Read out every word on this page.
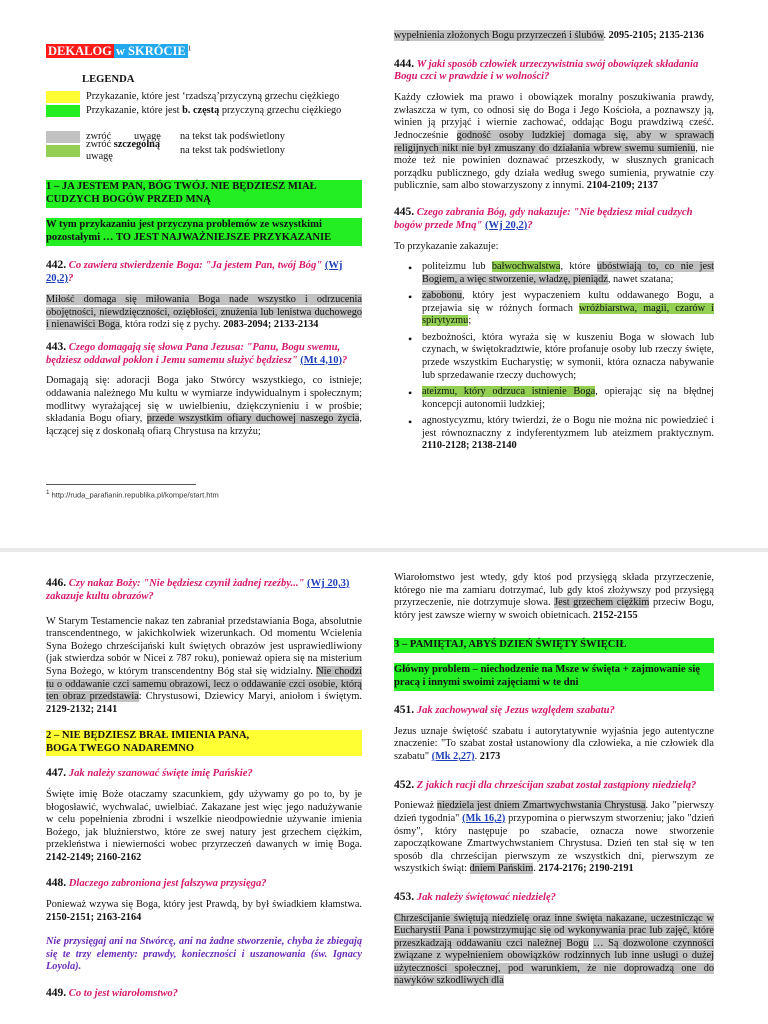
DEKALOG w SKRÓCIE $^1$
LEGENDA
Przykazanie, które jest ‘rzadszą’przyczyną grzechu ciężkiego
Przykazanie, które jest b. częstą przyczyną grzechu ciężkiego
zwróć	uwagę	na tekst tak podświetlony
zwróć szczególną uwagę
na tekst tak podświetlony
1 – JA JESTEM PAN, BÓG TWÓJ. NIE BĘDZIESZ MIAŁ CUDZYCH BOGÓW PRZED MNĄ
W tym przykazaniu jest przyczyna problemów ze wszystkimi pozostałymi … TO JEST NAJWAŻNIEJSZE PRZYKAZANIE
442. Co zawiera stwierdzenie Boga: "Ja jestem Pan, twój Bóg" (Wj 20,2)?
Miłość domaga się miłowania Boga nade wszystko i odrzucenia obojętności, niewdzięczności, oziębłości, znużenia lub lenistwa duchowego i nienawiści Boga, która rodzi się z pychy. 2083-2094; 2133-2134
443. Czego domagają się słowa Pana Jezusa: "Panu, Bogu swemu, będziesz oddawał pokłon i Jemu samemu służyć będziesz" (Mt 4,10)?
Domagają się: adoracji Boga jako Stwórcy wszystkiego, co istnieje; oddawania należnego Mu kultu w wymiarze indywidualnym i społecznym; modlitwy wyrażającej się w uwielbieniu, dziękczynieniu i w prośbie; składania Bogu ofiary, przede wszystkim ofiary duchowej naszego życia, łączącej się z doskonałą ofiarą Chrystusa na krzyżu;
$^1$ http://ruda_parafianin.republika.pl/kompe/start.htm
wypełnienia złożonych Bogu przyrzeczeń i ślubów. 2095-2105; 2135-2136
444. W jaki sposób człowiek urzeczywistnia swój obowiązek składania Bogu czci w prawdzie i w wolności?
Każdy człowiek ma prawo i obowiązek moralny poszukiwania prawdy, zwłaszcza w tym, co odnosi się do Boga i Jego Kościoła, a poznawszy ją, winien ją przyjąć i wiernie zachować, oddając Bogu prawdziwą cześć. Jednocześnie godność osoby ludzkiej domaga się, aby w sprawach religijnych nikt nie był zmuszany do działania wbrew swemu sumieniu, nie może też nie powinien doznawać przeszkody, w słusznych granicach porządku publicznego, gdy działa według swego sumienia, prywatnie czy publicznie, sam albo stowarzyszony z innymi. 2104-2109; 2137
445. Czego zabrania Bóg, gdy nakazuje: "Nie będziesz miał cudzych bogów przede Mną" (Wj 20,2)?
To przykazanie zakazuje:
• politeizmu lub bałwochwalstwa, które ubóstwiają to, co nie jest Bogiem, a więc stworzenie, władzę, pieniądz, nawet szatana;
• zabobonu, który jest wypaczeniem kultu oddawanego Bogu, a przejawia się w różnych formach wróżbiarstwa, magii, czarów i spirytyzmu;
• bezbożności, która wyraża się w kuszeniu Boga w słowach lub czynach, w świętokradztwie, które profanuje osoby lub rzeczy święte, przede wszystkim Eucharystię; w symonii, która oznacza nabywanie lub sprzedawanie rzeczy duchowych;
• ateizmu, który odrzuca istnienie Boga, opierając się na błędnej koncepcji autonomii ludzkiej;
• agnostycyzmu, który twierdzi, że o Bogu nie można nic powiedzieć i jest równoznaczny z indyferentyzmem lub ateizmem praktycznym. 2110-2128; 2138-2140
446. Czy nakaz Boży: "Nie będziesz czynił żadnej rzeźby..." (Wj 20,3) zakazuje kultu obrazów?
W Starym Testamencie nakaz ten zabraniał przedstawiania Boga, absolutnie transcendentnego, w jakichkolwiek wizerunkach. Od momentu Wcielenia Syna Bożego chrześcijański kult świętych obrazów jest usprawiedliwiony (jak stwierdza sobór w Nicei z 787 roku), ponieważ opiera się na misterium Syna Bożego, w którym transcendentny Bóg stał się widzialny. Nie chodzi tu o oddawanie czci samemu obrazowi, lecz o oddawanie czci osobie, którą ten obraz przedstawia: Chrystusowi, Dziewicy Maryi, aniołom i świętym. 2129-2132; 2141
2 – NIE BĘDZIESZ BRAŁ IMIENIA PANA,
BOGA TWEGO NADAREMNO
447. Jak należy szanować święte imię Pańskie?
Święte imię Boże otaczamy szacunkiem, gdy używamy go po to, by je błogosławić, wychwalać, uwielbiać. Zakazane jest więc jego nadużywanie w celu popełnienia zbrodni i wszelkie nieodpowiednie używanie imienia Bożego, jak bluźnierstwo, które ze swej natury jest grzechem ciężkim, przekleństwa i niewierności wobec przyrzeczeń dawanych w imię Boga. 2142-2149; 2160-2162
448. Dlaczego zabroniona jest fałszywa przysięga?
Ponieważ wzywa się Boga, który jest Prawdą, by był świadkiem kłamstwa. 2150-2151; 2163-2164
Nie przysięgaj ani na Stwórcę, ani na żadne stworzenie, chyba że zbiegają się te trzy elementy: prawdy, konieczności i uszanowania (św. Ignacy Loyola).
449. Co to jest wiarołomstwo?
Wiarołomstwo jest wtedy, gdy ktoś pod przysięgą składa przyrzeczenie, którego nie ma zamiaru dotrzymać, lub gdy ktoś złożywszy pod przysięgą przyrzeczenie, nie dotrzymuje słowa. Jest grzechem ciężkim przeciw Bogu, który jest zawsze wierny w swoich obietnicach. 2152-2155
3 – PAMIĘTAJ, ABYŚ DZIEŃ ŚWIĘTY ŚWIĘCIŁ
Główny problem – niechodzenie na Msze w święta + zajmowanie się pracą i innymi swoimi zajęciami w te dni
451. Jak zachowywał się Jezus względem szabatu?
Jezus uznaje świętość szabatu i autorytatywnie wyjaśnia jego autentyczne znaczenie: "To szabat został ustanowiony dla człowieka, a nie człowiek dla szabatu" (Mk 2,27). 2173
452. Z jakich racji dla chrześcijan szabat został zastąpiony niedzielą?
Ponieważ niedziela jest dniem Zmartwychwstania Chrystusa. Jako "pierwszy dzień tygodnia" (Mk 16,2) przypomina o pierwszym stworzeniu; jako "dzień ósmy", który następuje po szabacie, oznacza nowe stworzenie zapoczątkowane Zmartwychwstaniem Chrystusa. Dzień ten stał się w ten sposób dla chrześcijan pierwszym ze wszystkich dni, pierwszym ze wszystkich świąt: dniem Pańskim. 2174-2176; 2190-2191
453. Jak należy świętować niedzielę?
Chrześcijanie świętują niedzielę oraz inne święta nakazane, uczestnicząc w Eucharystii Pana i powstrzymując się od wykonywania prac lub zajęć, które przeszkadzają oddawaniu czci należnej Bogu … Są dozwolone czynności związane z wypełnieniem obowiązków rodzinnych lub inne usługi o dużej użyteczności społecznej, pod warunkiem, że nie doprowadzą one do nawyków szkodliwych dla
